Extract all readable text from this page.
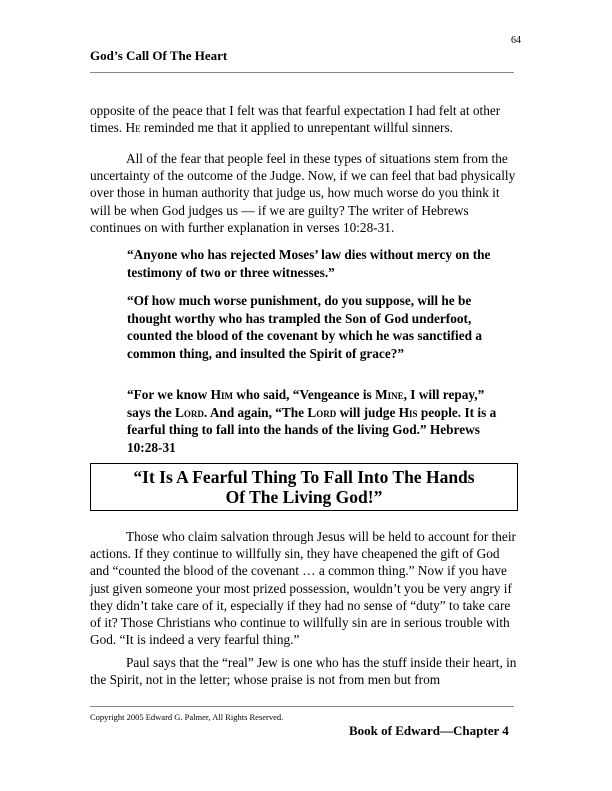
64
God’s Call Of The Heart

opposite of the peace that I felt was that fearful expectation I had felt at other times. He reminded me that it applied to unrepentant willful sinners.

All of the fear that people feel in these types of situations stem from the uncertainty of the outcome of the Judge. Now, if we can feel that bad physically over those in human authority that judge us, how much worse do you think it will be when God judges us — if we are guilty? The writer of Hebrews continues on with further explanation in verses 10:28-31.

“Anyone who has rejected Moses’ law dies without mercy on the testimony of two or three witnesses.”

“Of how much worse punishment, do you suppose, will he be thought worthy who has trampled the Son of God underfoot, counted the blood of the covenant by which he was sanctified a common thing, and insulted the Spirit of grace?”

“For we know Him who said, “Vengeance is Mine, I will repay,” says the Lord. And again, “The Lord will judge His people. It is a fearful thing to fall into the hands of the living God.” Hebrews 10:28-31

“It Is A Fearful Thing To Fall Into The Hands
Of The Living God!”

Those who claim salvation through Jesus will be held to account for their actions. If they continue to willfully sin, they have cheapened the gift of God and “counted the blood of the covenant … a common thing.” Now if you have just given someone your most prized possession, wouldn’t you be very angry if they didn’t take care of it, especially if they had no sense of “duty” to take care of it? Those Christians who continue to willfully sin are in serious trouble with God. “It is indeed a very fearful thing.”

Paul says that the “real” Jew is one who has the stuff inside their heart, in the Spirit, not in the letter; whose praise is not from men but from

Copyright 2005 Edward G. Palmer, All Rights Reserved.
Book of Edward—Chapter 4
